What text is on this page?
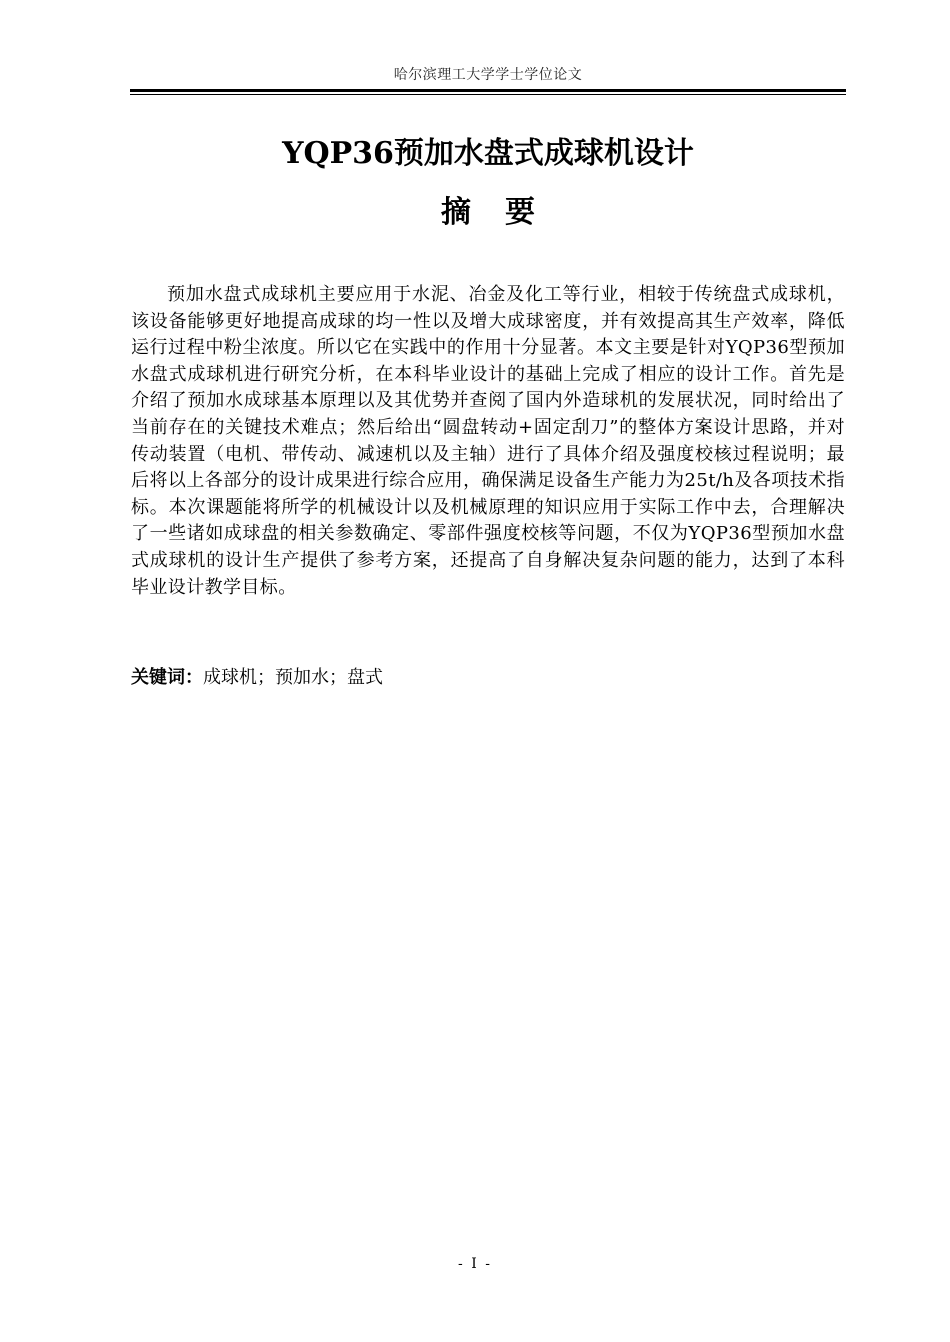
哈尔滨理工大学学士学位论文
YQP36预加水盘式成球机设计
摘 要

预加水盘式成球机主要应用于水泥、冶金及化工等行业，相较于传统盘式成球机，该设备能够更好地提高成球的均一性以及增大成球密度，并有效提高其生产效率，降低运行过程中粉尘浓度。所以它在实践中的作用十分显著。本文主要是针对YQP36型预加水盘式成球机进行研究分析，在本科毕业设计的基础上完成了相应的设计工作。首先是介绍了预加水成球基本原理以及其优势并查阅了国内外造球机的发展状况，同时给出了当前存在的关键技术难点；然后给出“圆盘转动+固定刮刀”的整体方案设计思路，并对传动装置（电机、带传动、减速机以及主轴）进行了具体介绍及强度校核过程说明；最后将以上各部分的设计成果进行综合应用，确保满足设备生产能力为25t/h及各项技术指标。本次课题能将所学的机械设计以及机械原理的知识应用于实际工作中去，合理解决了一些诸如成球盘的相关参数确定、零部件强度校核等问题，不仅为YQP36型预加水盘式成球机的设计生产提供了参考方案，还提高了自身解决复杂问题的能力，达到了本科毕业设计教学目标。

关键词：成球机；预加水；盘式
- I -
